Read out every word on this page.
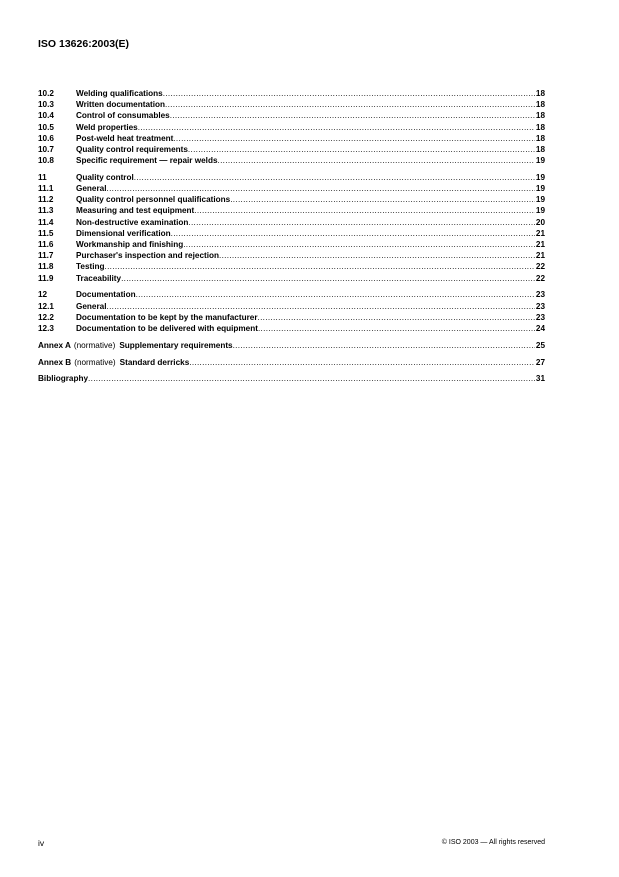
ISO 13626:2003(E)
10.2	Welding qualifications .....	18
10.3	Written documentation .....	18
10.4	Control of consumables .....	18
10.5	Weld properties .....	18
10.6	Post-weld heat treatment .....	18
10.7	Quality control requirements .....	18
10.8	Specific requirement — repair welds .....	19
11	Quality control .....	19
11.1	General .....	19
11.2	Quality control personnel qualifications .....	19
11.3	Measuring and test equipment .....	19
11.4	Non-destructive examination .....	20
11.5	Dimensional verification .....	21
11.6	Workmanship and finishing .....	21
11.7	Purchaser's inspection and rejection .....	21
11.8	Testing .....	22
11.9	Traceability .....	22
12	Documentation .....	23
12.1	General .....	23
12.2	Documentation to be kept by the manufacturer .....	23
12.3	Documentation to be delivered with equipment .....	24
Annex A (normative) Supplementary requirements .....	25
Annex B (normative) Standard derricks .....	27
Bibliography .....	31
iv	© ISO 2003 — All rights reserved
